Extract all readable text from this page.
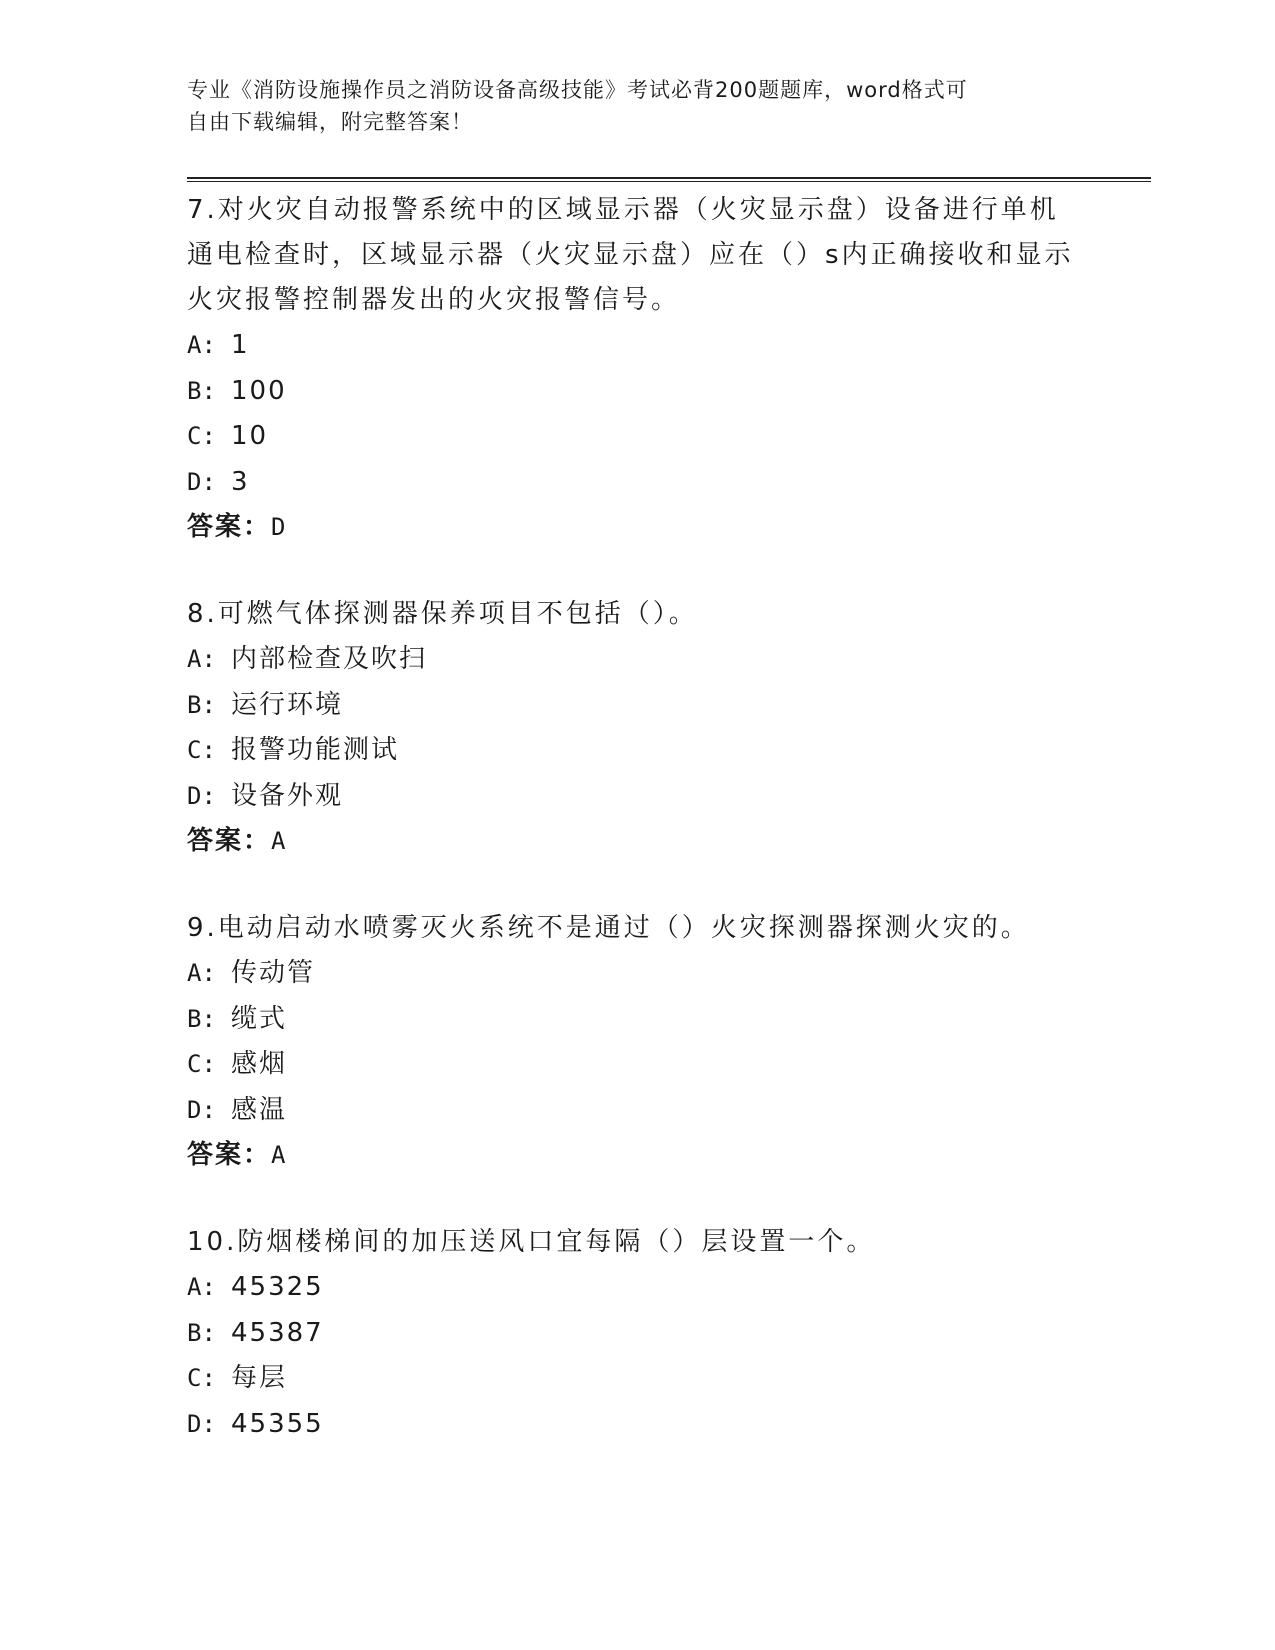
专业《消防设施操作员之消防设备高级技能》考试必背200题题库，word格式可
自由下载编辑，附完整答案！
7.对火灾自动报警系统中的区域显示器（火灾显示盘）设备进行单机
通电检查时，区域显示器（火灾显示盘）应在（）s内正确接收和显示
火灾报警控制器发出的火灾报警信号。
A: 1
B: 100
C: 10
D: 3
答案：D
8.可燃气体探测器保养项目不包括（）。
A: 内部检查及吹扫
B: 运行环境
C: 报警功能测试
D: 设备外观
答案：A
9.电动启动水喷雾灭火系统不是通过（）火灾探测器探测火灾的。
A: 传动管
B: 缆式
C: 感烟
D: 感温
答案：A
10.防烟楼梯间的加压送风口宜每隔（）层设置一个。
A: 45325
B: 45387
C: 每层
D: 45355
